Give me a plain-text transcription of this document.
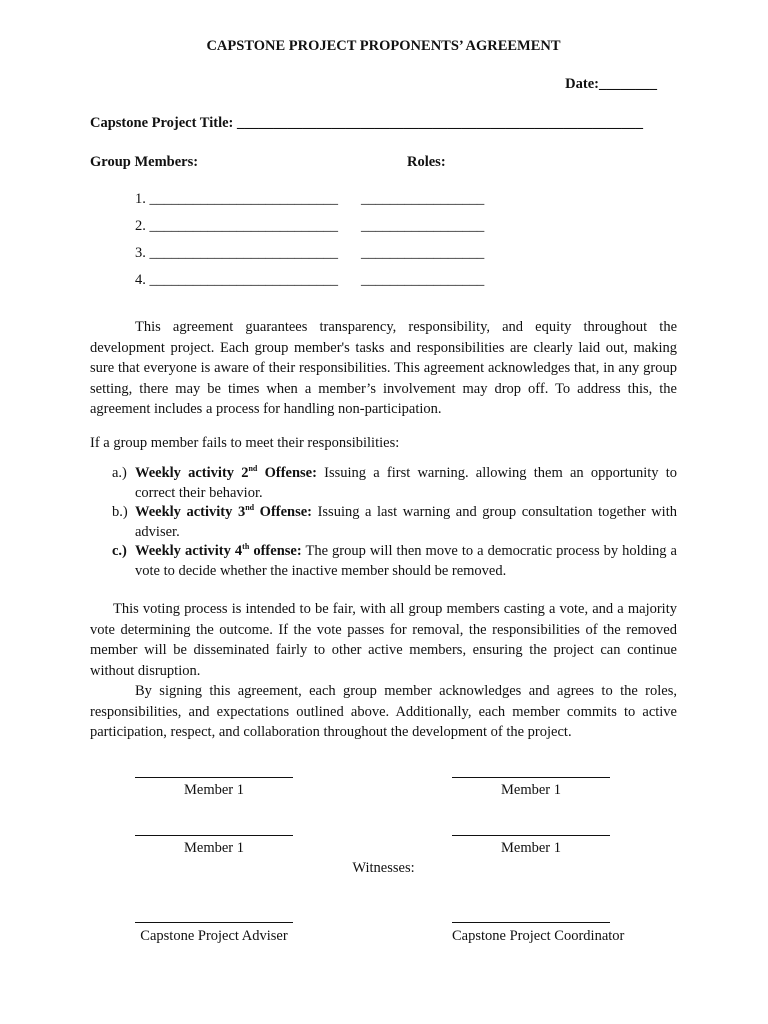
CAPSTONE PROJECT PROPONENTS’ AGREEMENT
Date:________
Capstone Project Title: ________________________________________________________
Group Members:	Roles:
1. __________________________ _________________
2. __________________________ _________________
3. __________________________ _________________
4. __________________________ _________________

This agreement guarantees transparency, responsibility, and equity throughout the development project. Each group member's tasks and responsibilities are clearly laid out, making sure that everyone is aware of their responsibilities. This agreement acknowledges that, in any group setting, there may be times when a member’s involvement may drop off. To address this, the agreement includes a process for handling non-participation.

If a group member fails to meet their responsibilities:
a.) Weekly activity 2nd Offense: Issuing a first warning. allowing them an opportunity to correct their behavior.
b.) Weekly activity 3nd Offense: Issuing a last warning and group consultation together with adviser.
c.) Weekly activity 4th offense: The group will then move to a democratic process by holding a vote to decide whether the inactive member should be removed.

This voting process is intended to be fair, with all group members casting a vote, and a majority vote determining the outcome. If the vote passes for removal, the responsibilities of the removed member will be disseminated fairly to other active members, ensuring the project can continue without disruption.

By signing this agreement, each group member acknowledges and agrees to the roles, responsibilities, and expectations outlined above. Additionally, each member commits to active participation, respect, and collaboration throughout the development of the project.

Member 1	Member 1
Member 1	Member 1
Witnesses:
Capstone Project Adviser	Capstone Project Coordinator
